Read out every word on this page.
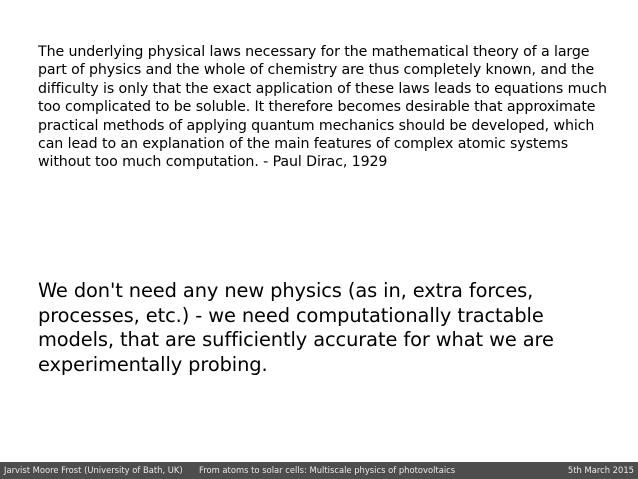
The underlying physical laws necessary for the mathematical theory of a large part of physics and the whole of chemistry are thus completely known, and the difficulty is only that the exact application of these laws leads to equations much too complicated to be soluble. It therefore becomes desirable that approximate practical methods of applying quantum mechanics should be developed, which can lead to an explanation of the main features of complex atomic systems without too much computation. - Paul Dirac, 1929

We don't need any new physics (as in, extra forces, processes, etc.) - we need computationally tractable models, that are sufficiently accurate for what we are experimentally probing.

Jarvist Moore Frost (University of Bath, UK) From atoms to solar cells: Multiscale physics of photovoltaics	5th March 2015
